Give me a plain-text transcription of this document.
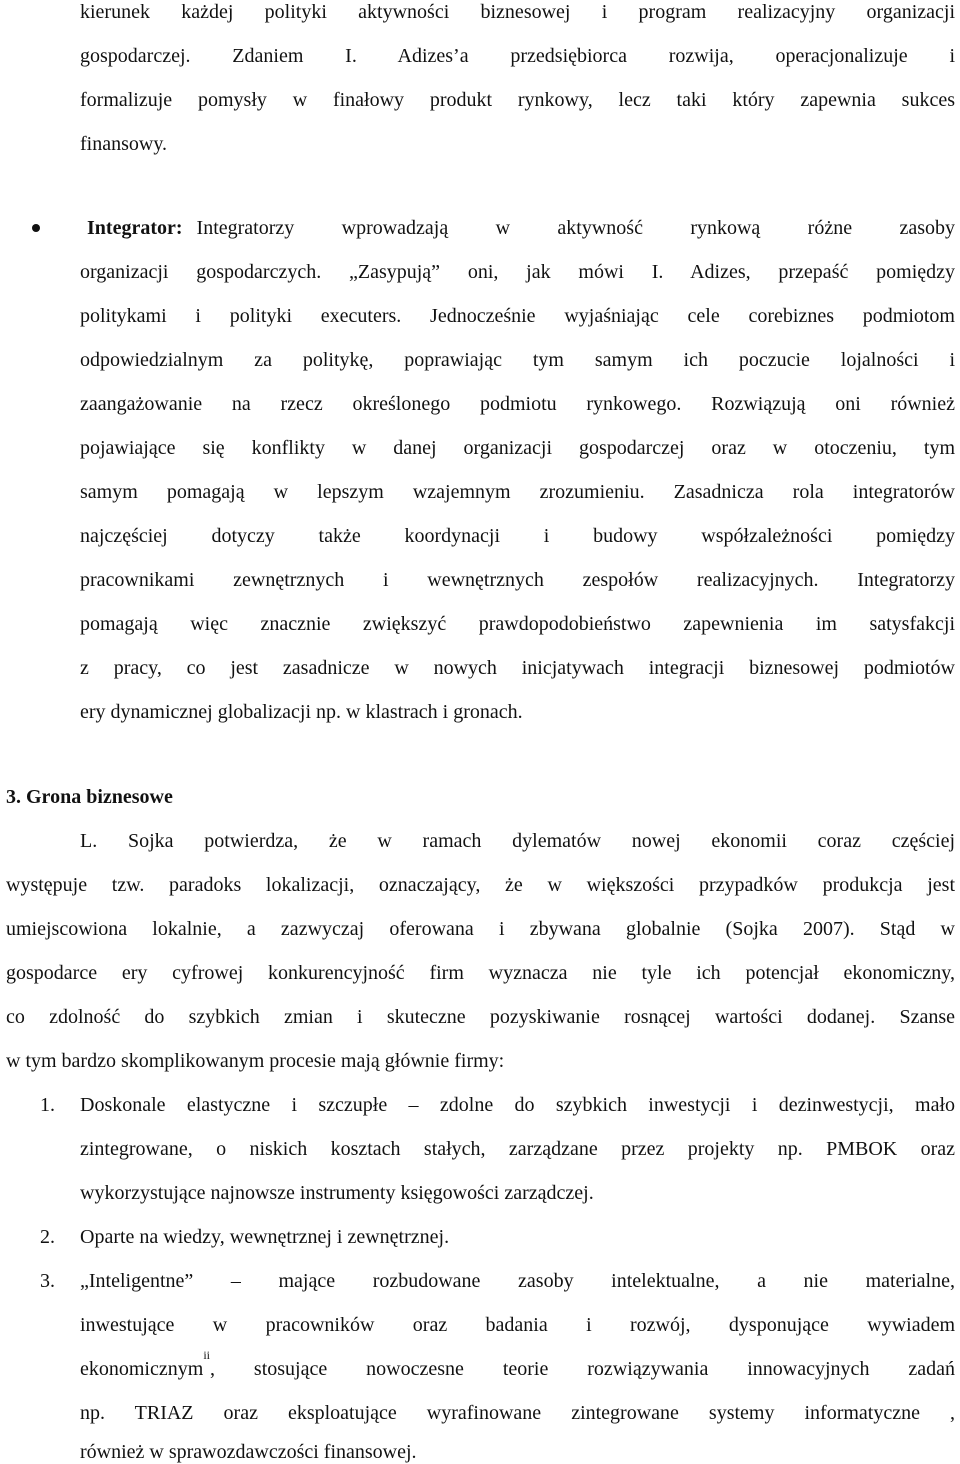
kierunek każdej polityki aktywności biznesowej i program realizacyjny organizacji
gospodarczej. Zdaniem I. Adizes’a przedsiębiorca rozwija, operacjonalizuje i
formalizuje pomysły w finałowy produkt rynkowy, lecz taki który zapewnia sukces
finansowy.
Integrator: Integratorzy wprowadzają w aktywność rynkową różne zasoby
organizacji gospodarczych. „Zasypują” oni, jak mówi I. Adizes, przepaść pomiędzy
politykami i polityki executers. Jednocześnie wyjaśniając cele corebiznes podmiotom
odpowiedzialnym za politykę, poprawiając tym samym ich poczucie lojalności i
zaangażowanie na rzecz określonego podmiotu rynkowego. Rozwiązują oni również
pojawiające się konflikty w danej organizacji gospodarczej oraz w otoczeniu, tym
samym pomagają w lepszym wzajemnym zrozumieniu. Zasadnicza rola integratorów
najczęściej dotyczy także koordynacji i budowy współzależności pomiędzy
pracownikami zewnętrznych i wewnętrznych zespołów realizacyjnych. Integratorzy
pomagają więc znacznie zwiększyć prawdopodobieństwo zapewnienia im satysfakcji
z pracy, co jest zasadnicze w nowych inicjatywach integracji biznesowej podmiotów
ery dynamicznej globalizacji np. w klastrach i gronach.
3. Grona biznesowe
L. Sojka potwierdza, że w ramach dylematów nowej ekonomii coraz częściej
występuje tzw. paradoks lokalizacji, oznaczający, że w większości przypadków produkcja jest
umiejscowiona lokalnie, a zazwyczaj oferowana i zbywana globalnie (Sojka 2007). Stąd w
gospodarce ery cyfrowej konkurencyjność firm wyznacza nie tyle ich potencjał ekonomiczny,
co zdolność do szybkich zmian i skuteczne pozyskiwanie rosnącej wartości dodanej. Szanse
w tym bardzo skomplikowanym procesie mają głównie firmy:
1. Doskonale elastyczne i szczupłe – zdolne do szybkich inwestycji i dezinwestycji, mało
zintegrowane, o niskich kosztach stałych, zarządzane przez projekty np. PMBOK oraz
wykorzystujące najnowsze instrumenty księgowości zarządczej.
2. Oparte na wiedzy, wewnętrznej i zewnętrznej.
3. „Inteligentne” – mające rozbudowane zasoby intelektualne, a nie materialne,
inwestujące w pracowników oraz badania i rozwój, dysponujące wywiadem
ekonomicznym
$^{ii}$
, stosujące nowoczesne teorie rozwiązywania innowacyjnych zadań
np. TRIAZ oraz eksploatujące wyrafinowane zintegrowane systemy informatyczne ,
również w sprawozdawczości finansowej.
